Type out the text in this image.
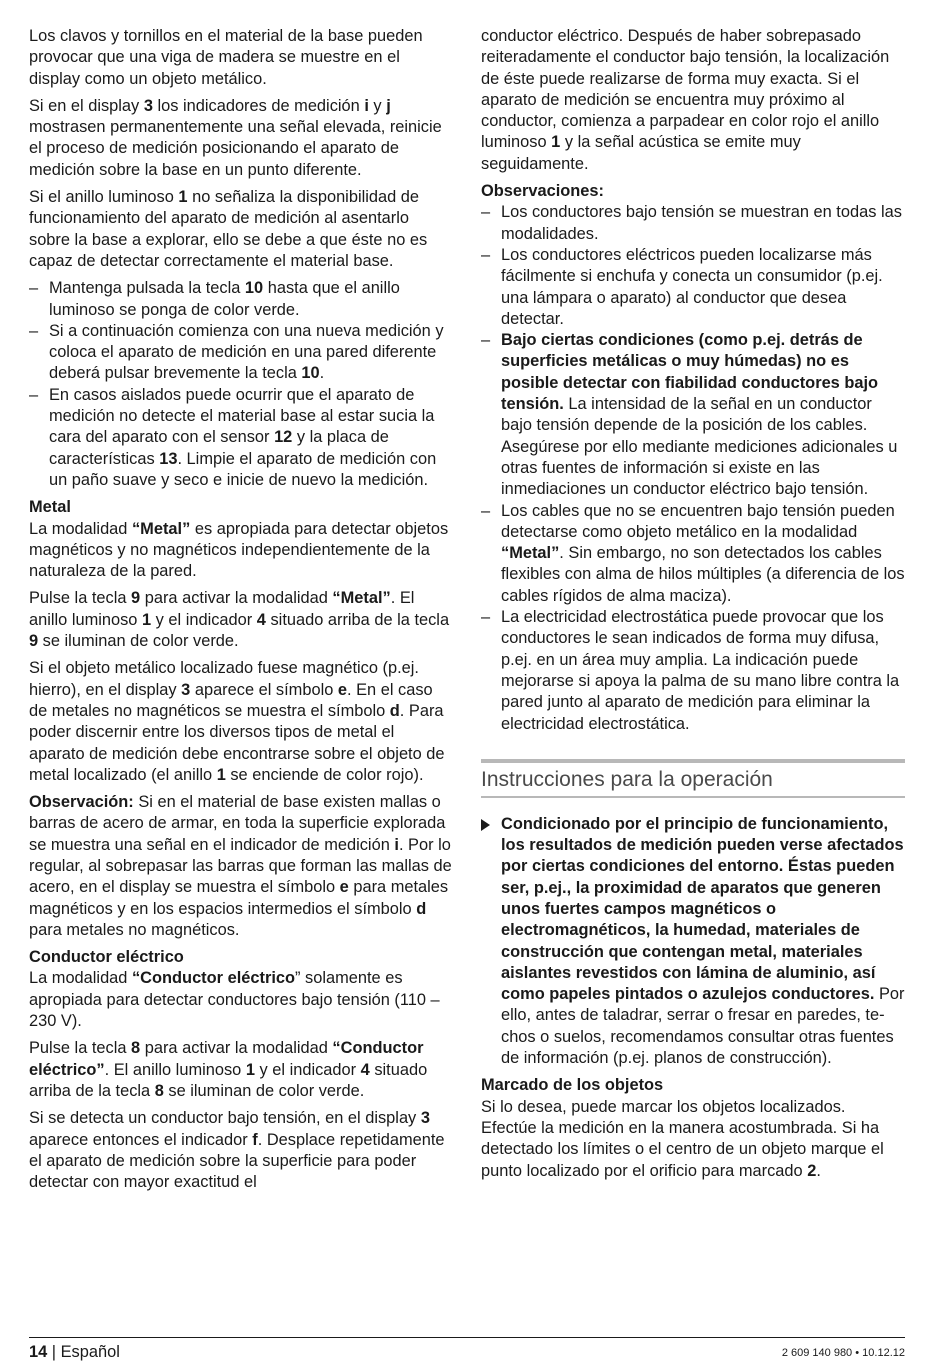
Los clavos y tornillos en el material de la base pueden provocar que una viga de madera se muestre en el display como un objeto metálico.

Si en el display 3 los indicadores de medición i y j mostrasen permanentemente una señal elevada, reinicie el proceso de medición posicionando el aparato de medición sobre la base en un punto diferente.

Si el anillo luminoso 1 no señaliza la disponibilidad de funcionamiento del aparato de medición al asentarlo sobre la base a explorar, ello se debe a que éste no es capaz de detectar correctamente el material base.

– Mantenga pulsada la tecla 10 hasta que el anillo luminoso se ponga de color verde.
– Si a continuación comienza con una nueva medición y coloca el aparato de medición en una pared diferente deberá pulsar brevemente la tecla 10.
– En casos aislados puede ocurrir que el aparato de medición no detecte el material base al estar sucia la cara del aparato con el sensor 12 y la placa de características 13. Limpie el aparato de medición con un paño suave y seco e inicie de nuevo la medición.
Metal

La modalidad “Metal” es apropiada para detectar objetos magnéticos y no magnéticos independientemente de la naturaleza de la pared.

Pulse la tecla 9 para activar la modalidad “Metal”. El anillo luminoso 1 y el indicador 4 situado arriba de la tecla 9 se iluminan de color verde.

Si el objeto metálico localizado fuese magnético (p.ej. hierro), en el display 3 aparece el símbolo e. En el caso de metales no magnéticos se muestra el símbolo d. Para poder discernir entre los diversos tipos de metal el aparato de medición debe encontrarse sobre el objeto de metal localizado (el anillo 1 se enciende de color rojo).

Observación: Si en el material de base existen mallas o barras de acero de armar, en toda la superficie explorada se muestra una señal en el indicador de medición i. Por lo regular, al sobrepasar las barras que forman las mallas de acero, en el display se muestra el símbolo e para metales magnéticos y en los espacios intermedios el símbolo d para metales no magnéticos.

Conductor eléctrico

La modalidad “Conductor eléctrico” solamente es apropiada para detectar conductores bajo tensión (110 – 230 V).

Pulse la tecla 8 para activar la modalidad “Conductor eléctrico”. El anillo luminoso 1 y el indicador 4 situado arriba de la tecla 8 se iluminan de color verde.

Si se detecta un conductor bajo tensión, en el display 3 aparece entonces el indicador f. Desplace repetidamente el aparato de medición sobre la superficie para poder detectar con mayor exactitud el

conductor eléctrico. Después de haber sobrepasado reiteradamente el conductor bajo tensión, la localización de éste puede realizarse de forma muy exacta. Si el aparato de medición se encuentra muy próximo al conductor, comienza a parpadear en color rojo el anillo luminoso 1 y la señal acústica se emite muy seguidamente.

Observaciones:
– Los conductores bajo tensión se muestran en todas las modalidades.
– Los conductores eléctricos pueden localizarse más fácilmente si enchufa y conecta un consumidor (p.ej. una lámpara o aparato) al conductor que desea detectar.
– Bajo ciertas condiciones (como p.ej. detrás de superficies metálicas o muy húmedas) no es posible detectar con fiabilidad conductores bajo tensión. La intensidad de la señal en un conductor bajo tensión depende de la posición de los cables. Asegúrese por ello mediante mediciones adicionales u otras fuentes de información si existe en las inmediaciones un conductor eléctrico bajo tensión.
– Los cables que no se encuentren bajo tensión pueden detectarse como objeto metálico en la modalidad “Metal”. Sin embargo, no son detectados los cables flexibles con alma de hilos múltiples (a diferencia de los cables rígidos de alma maciza).
– La electricidad electrostática puede provocar que los conductores le sean indicados de forma muy difusa, p.ej. en un área muy amplia. La indicación puede mejorarse si apoya la palma de su mano libre contra la pared junto al aparato de medición para eliminar la electricidad electrostática.
Instrucciones para la operación
Condicionado por el principio de funcionamiento, los resultados de medición pueden verse afectados por ciertas condiciones del entorno. Éstas pueden ser, p.ej., la proximidad de aparatos que generen unos fuertes campos magnéticos o electromagnéticos, la humedad, materiales de construcción que contengan metal, materiales aislantes revestidos con lámina de aluminio, así como papeles pintados o azulejos conductores. Por ello, antes de taladrar, serrar o fresar en paredes, techos o suelos, recomendamos consultar otras fuentes de información (p.ej. planos de construcción).
Marcado de los objetos

Si lo desea, puede marcar los objetos localizados. Efectúe la medición en la manera acostumbrada. Si ha detectado los límites o el centro de un objeto marque el punto localizado por el orificio para marcado 2.

14 | Español	2 609 140 980 • 10.12.12
